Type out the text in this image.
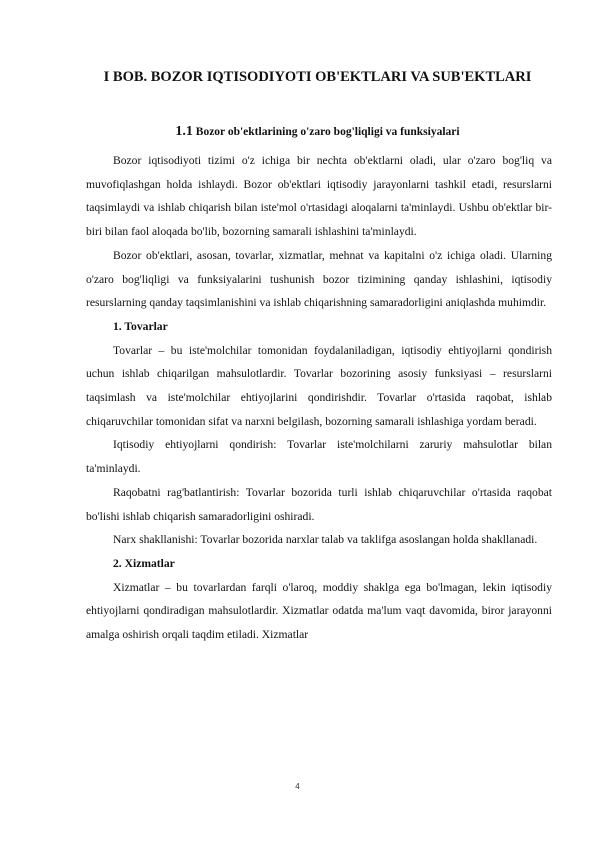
I BOB. BOZOR IQTISODIYOTI OB'EKTLARI VA SUB'EKTLARI
1.1 Bozor ob'ektlarining o'zaro bog'liqligi va funksiyalari

Bozor iqtisodiyoti tizimi o'z ichiga bir nechta ob'ektlarni oladi, ular o'zaro bog'liq va muvofiqlashgan holda ishlaydi. Bozor ob'ektlari iqtisodiy jarayonlarni tashkil etadi, resurslarni taqsimlaydi va ishlab chiqarish bilan iste'mol o'rtasidagi aloqalarni ta'minlaydi. Ushbu ob'ektlar bir-biri bilan faol aloqada bo'lib, bozorning samarali ishlashini ta'minlaydi.

Bozor ob'ektlari, asosan, tovarlar, xizmatlar, mehnat va kapitalni o'z ichiga oladi. Ularning o'zaro bog'liqligi va funksiyalarini tushunish bozor tizimining qanday ishlashini, iqtisodiy resurslarning qanday taqsimlanishini va ishlab chiqarishning samaradorligini aniqlashda muhimdir.

1. Tovarlar

Tovarlar – bu iste'molchilar tomonidan foydalaniladigan, iqtisodiy ehtiyojlarni qondirish uchun ishlab chiqarilgan mahsulotlardir. Tovarlar bozorining asosiy funksiyasi – resurslarni taqsimlash va iste'molchilar ehtiyojlarini qondirishdir. Tovarlar o'rtasida raqobat, ishlab chiqaruvchilar tomonidan sifat va narxni belgilash, bozorning samarali ishlashiga yordam beradi.

Iqtisodiy ehtiyojlarni qondirish: Tovarlar iste'molchilarni zaruriy mahsulotlar bilan ta'minlaydi.

Raqobatni rag'batlantirish: Tovarlar bozorida turli ishlab chiqaruvchilar o'rtasida raqobat bo'lishi ishlab chiqarish samaradorligini oshiradi.

Narx shakllanishi: Tovarlar bozorida narxlar talab va taklifga asoslangan holda shakllanadi.

2. Xizmatlar

Xizmatlar – bu tovarlardan farqli o'laroq, moddiy shaklga ega bo'lmagan, lekin iqtisodiy ehtiyojlarni qondiradigan mahsulotlardir. Xizmatlar odatda ma'lum vaqt davomida, biror jarayonni amalga oshirish orqali taqdim etiladi. Xizmatlar

4
